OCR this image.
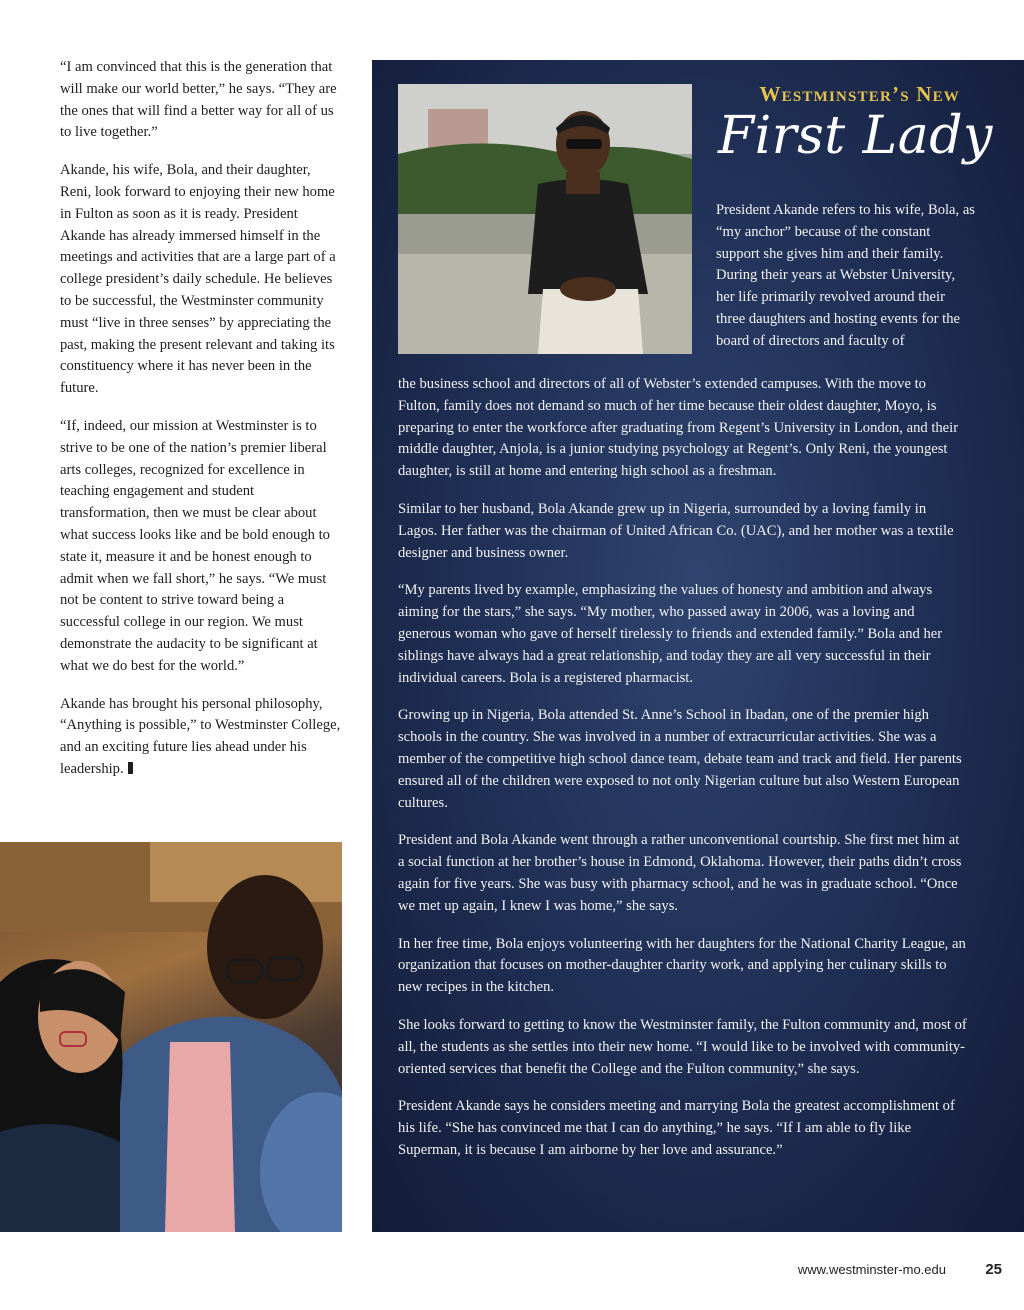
“I am convinced that this is the generation that will make our world better,” he says. “They are the ones that will find a better way for all of us to live together.”

Akande, his wife, Bola, and their daughter, Reni, look forward to enjoying their new home in Fulton as soon as it is ready. President Akande has already immersed himself in the meetings and activities that are a large part of a college president’s daily schedule. He believes to be successful, the Westminster community must “live in three senses” by appreciating the past, making the present relevant and taking its constituency where it has never been in the future.

“If, indeed, our mission at Westminster is to strive to be one of the nation’s premier liberal arts colleges, recognized for excellence in teaching engagement and student transformation, then we must be clear about what success looks like and be bold enough to state it, measure it and be honest enough to admit when we fall short,” he says. “We must not be content to strive toward being a successful college in our region. We must demonstrate the audacity to be significant at what we do best for the world.”

Akande has brought his personal philosophy, “Anything is possible,” to Westminster College, and an exciting future lies ahead under his leadership.

Westminster’s New
First Lady
President Akande refers to his wife, Bola, as “my anchor” because of the constant support she gives him and their family. During their years at Webster University, her life primarily revolved around their three daughters and hosting events for the board of directors and faculty of

the business school and directors of all of Webster’s extended campuses. With the move to Fulton, family does not demand so much of her time because their oldest daughter, Moyo, is preparing to enter the workforce after graduating from Regent’s University in London, and their middle daughter, Anjola, is a junior studying psychology at Regent’s. Only Reni, the youngest daughter, is still at home and entering high school as a freshman.

Similar to her husband, Bola Akande grew up in Nigeria, surrounded by a loving family in Lagos. Her father was the chairman of United African Co. (UAC), and her mother was a textile designer and business owner.

“My parents lived by example, emphasizing the values of honesty and ambition and always aiming for the stars,” she says. “My mother, who passed away in 2006, was a loving and generous woman who gave of herself tirelessly to friends and extended family.” Bola and her siblings have always had a great relationship, and today they are all very successful in their individual careers. Bola is a registered pharmacist.

Growing up in Nigeria, Bola attended St. Anne’s School in Ibadan, one of the premier high schools in the country. She was involved in a number of extracurricular activities. She was a member of the competitive high school dance team, debate team and track and field. Her parents ensured all of the children were exposed to not only Nigerian culture but also Western European cultures.

President and Bola Akande went through a rather unconventional courtship. She first met him at a social function at her brother’s house in Edmond, Oklahoma. However, their paths didn’t cross again for five years. She was busy with pharmacy school, and he was in graduate school. “Once we met up again, I knew I was home,” she says.

In her free time, Bola enjoys volunteering with her daughters for the National Charity League, an organization that focuses on mother-daughter charity work, and applying her culinary skills to new recipes in the kitchen.

She looks forward to getting to know the Westminster family, the Fulton community and, most of all, the students as she settles into their new home. “I would like to be involved with community-oriented services that benefit the College and the Fulton community,” she says.

President Akande says he considers meeting and marrying Bola the greatest accomplishment of his life. “She has convinced me that I can do anything,” he says. “If I am able to fly like Superman, it is because I am airborne by her love and assurance.”

www.westminster-mo.edu	25
